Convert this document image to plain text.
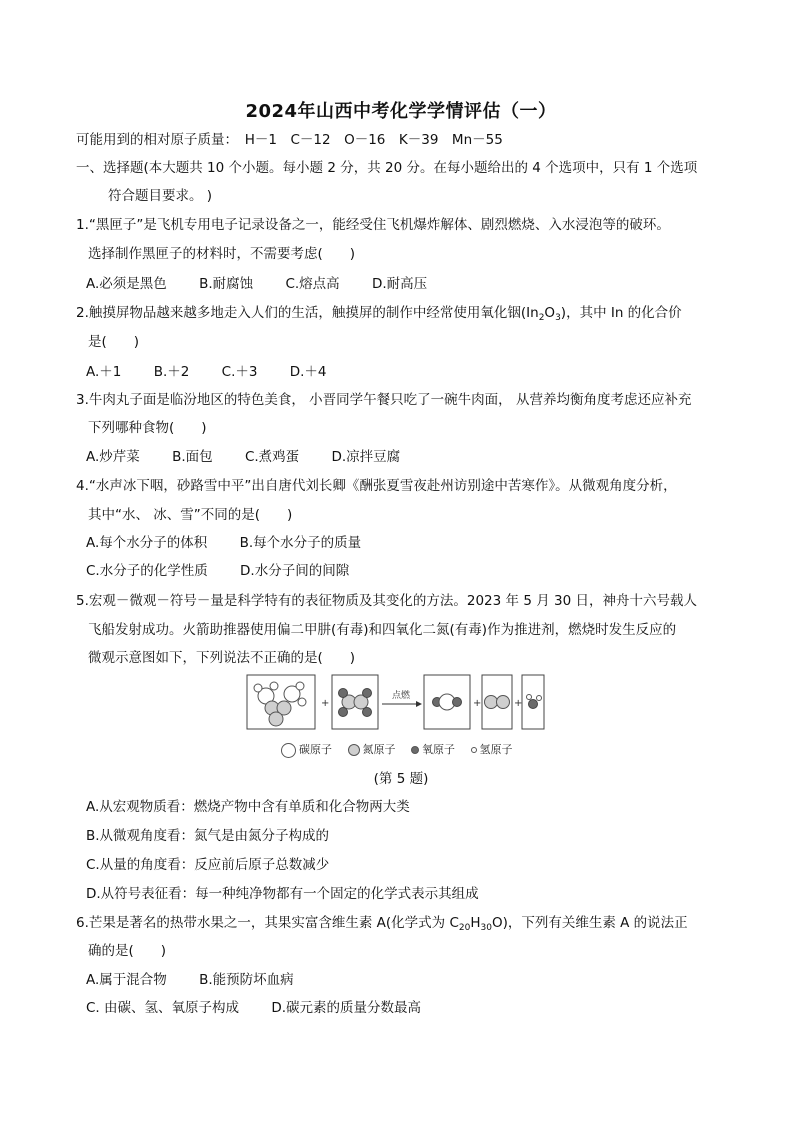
2024年山西中考化学学情评估（一）
可能用到的相对原子质量：　H－1　C－12　O－16　K－39　Mn－55
一、选择题(本大题共 10 个小题。每小题 2 分，共 20 分。在每小题给出的 4 个选项中，只有 1 个选项
符合题目要求。 )
1.“黑匣子”是飞机专用电子记录设备之一，能经受住飞机爆炸解体、剧烈燃烧、入水浸泡等的破环。
选择制作黑匣子的材料时，不需要考虑(　　)
A.必须是黑色 B.耐腐蚀 C.熔点高 D.耐高压
2.触摸屏物品越来越多地走入人们的生活，触摸屏的制作中经常使用氧化铟$(In_2O_3)$，其中 In 的化合价
是(　　)
A.＋1 B.＋2 C.＋3 D.＋4
3.牛肉丸子面是临汾地区的特色美食， 小晋同学午餐只吃了一碗牛肉面， 从营养均衡角度考虑还应补充
下列哪种食物(　　)
A.炒芹菜 B.面包 C.煮鸡蛋 D.凉拌豆腐
4.“水声冰下咽，砂路雪中平”出自唐代刘长卿《酬张夏雪夜赴州访别途中苦寒作》。从微观角度分析，
其中“水、 冰、雪”不同的是(　　)
A.每个水分子的体积 B.每个水分子的质量
C.水分子的化学性质 D.水分子间的间隙
5.宏观－微观－符号－量是科学特有的表征物质及其变化的方法。2023 年 5 月 30 日，神舟十六号载人
飞船发射成功。火箭助推器使用偏二甲肼(有毒)和四氧化二氮(有毒)作为推进剂，燃烧时发生反应的
微观示意图如下，下列说法不正确的是(　　)
+
点燃
+	+
碳原子	氮原子 氧原子 氢原子
(第 5 题)
A.从宏观物质看：燃烧产物中含有单质和化合物两大类
B.从微观角度看：氮气是由氮分子构成的
C.从量的角度看：反应前后原子总数减少
D.从符号表征看：每一种纯净物都有一个固定的化学式表示其组成
6.芒果是著名的热带水果之一，其果实富含维生素 A(化学式为 $C_{20}H_{30}O$)，下列有关维生素 A 的说法正
确的是(　　)
A.属于混合物 B.能预防坏血病
C. 由碳、氢、氧原子构成 D.碳元素的质量分数最高
